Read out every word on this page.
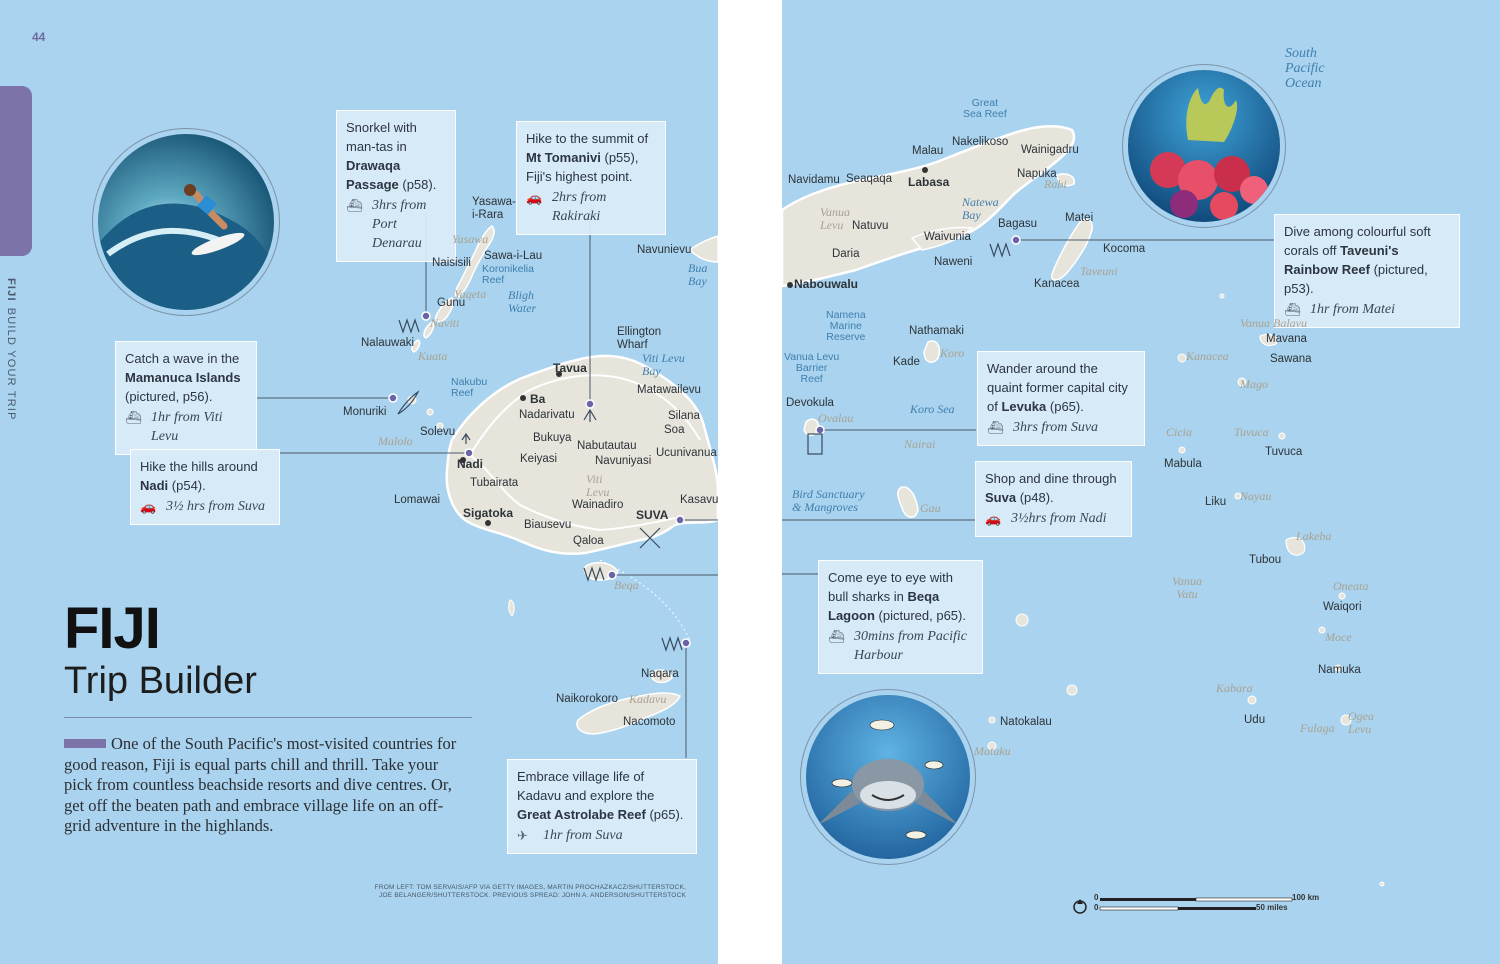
44
FIJIBUILD YOUR TRIP
Snorkel with man-tas in Drawaqa Passage (p58).
⛴ 3hrs from Port Denarau
Hike to the summit of Mt Tomanivi (p55), Fiji's highest point.
🚗 2hrs from Rakiraki
Catch a wave in the Mamanuca Islands (pictured, p56).
⛴ 1hr from Viti Levu
Hike the hills around Nadi (p54).
🚗 3½ hrs from Suva
Embrace village life of Kadavu and explore the Great Astrolabe Reef (p65).
✈	1hr from Suva
Yasawa-
i-Rara
Yasawa
Naisisili
Sawa-i-Lau
Koronikelia
Reef
Yaqeta Bligh
Water
Gunu
Naviti
Nalauwaki
Kuata
Navunievu
Bua
Bay
Ellington
Wharf
Viti Levu
Bay
Tavua
Matawailevu
Nakubu
Reef	Ba
Nadarivatu	Silana
Soa
Monuriki
Malolo
Solevu	Bukuya
Nabutautau
Ucunivanua
Navuniyasi
Keiyasi
Nadi
Viti
Levu
Tubairata
Lomawai	Wainadiro	Kasavu
Sigatoka
Biausevu
SUVA
Qaloa
Beqa
Naqara
Naikorokoro Kadavu
Nacomoto
FIJI
Trip Builder
One of the South Pacific's most-visited countries for good reason, Fiji is equal parts chill and thrill. Take your pick from countless beachside resorts and dive centres. Or, get off the beaten path and embrace village life on an off-grid adventure in the highlands.
FROM LEFT: TOM SERVAIS/AFP VIA GETTY IMAGES, MARTIN PROCHAZKACZ/SHUTTERSTOCK,
JOE BELANGER/SHUTTERSTOCK. PREVIOUS SPREAD: JOHN A. ANDERSON/SHUTTERSTOCK
Dive among colourful soft corals off Taveuni's Rainbow Reef (pictured, p53).
⛴ 1hr from Matei
Wander around the quaint former capital city of Levuka (p65).
⛴ 3hrs from Suva
Shop and dine through Suva (p48).
🚗 3½hrs from Nadi
Come eye to eye with bull sharks in Beqa Lagoon (pictured, p65).
⛴ 30mins from Pacific Harbour
Great
Sea Reef
Nakelikoso
Malau	Wainigadru
Navidamu Seaqaqa Labasa
Napuka
Rabi
Vanua
Levu Natuvu
Natewa
Bay
Bagasu Matei
Waivunia
Kocoma
Daria
Naweni
Taveuni
Kanacea
Nabouwalu
Namena
Marine
Reserve	Nathamaki
Vanua Balavu
Mavana
Kade
Koro
Vanua Levu
Barrier
Reef
Kanacea	Sawana
Mago
Devokula
Ovalau
Koro Sea
Nairai
Cicia	Tuvuca
Tuvuca
Mabula
Bird Sanctuary
& Mangroves	Gau	Liku Nayau
Lakeba
Tubou
Vanua
Vatu
Oneata
Waiqori
Moce
Namuka
Kabara
Udu	Ogea
Levu
Fulaga
Natokalau
Matuku
South
Pacific
Ocean
0
0
100 km
50 miles
